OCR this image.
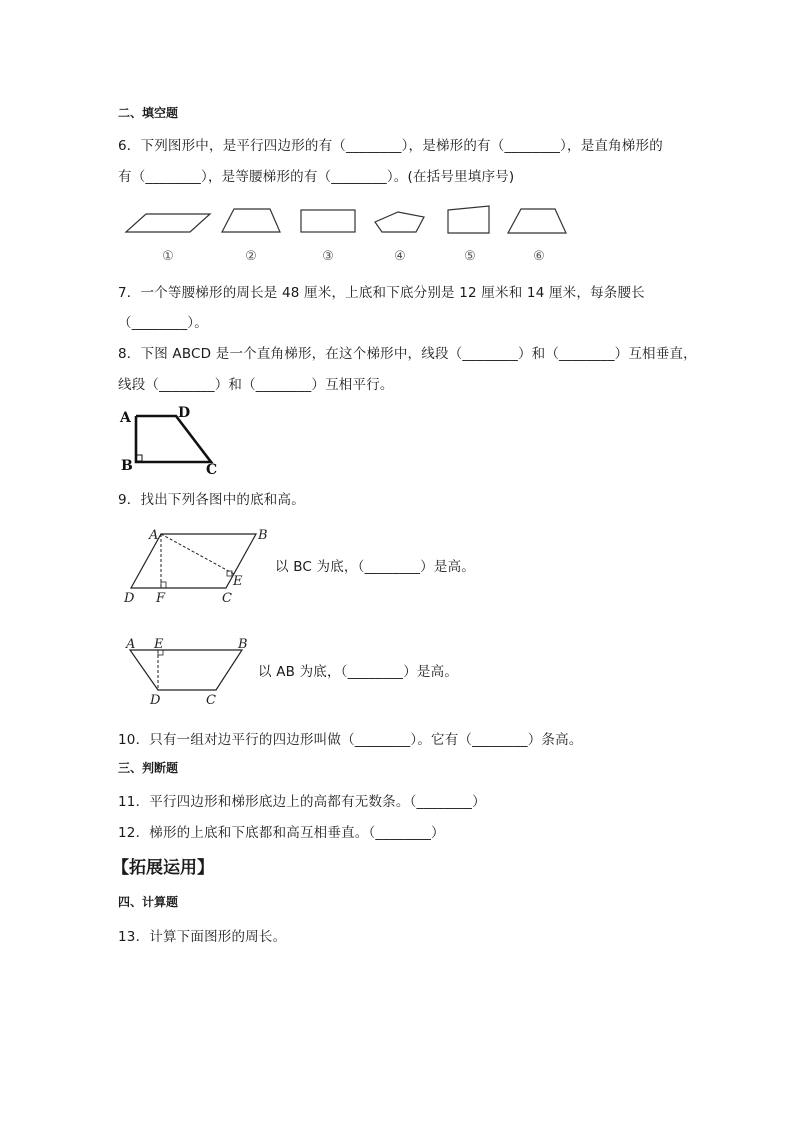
二、填空题
6．下列图形中，是平行四边形的有（________），是梯形的有（________），是直角梯形的
有（________），是等腰梯形的有（________）。(在括号里填序号)
①	②	③	④	⑤	⑥
7．一个等腰梯形的周长是 48 厘米，上底和下底分别是 12 厘米和 14 厘米，每条腰长
（________）。
8．下图 ABCD 是一个直角梯形，在这个梯形中，线段（________）和（________）互相垂直，
线段（________）和（________）互相平行。
A	D
B	C
9．找出下列各图中的底和高。
A	B
E
D F	C
以 BC 为底，（________）是高。
A E	B
D	C
以 AB 为底，（________）是高。
10．只有一组对边平行的四边形叫做（________）。它有（________）条高。
三、判断题
11．平行四边形和梯形底边上的高都有无数条。（________）
12．梯形的上底和下底都和高互相垂直。（________）
【拓展运用】
四、计算题
13．计算下面图形的周长。
